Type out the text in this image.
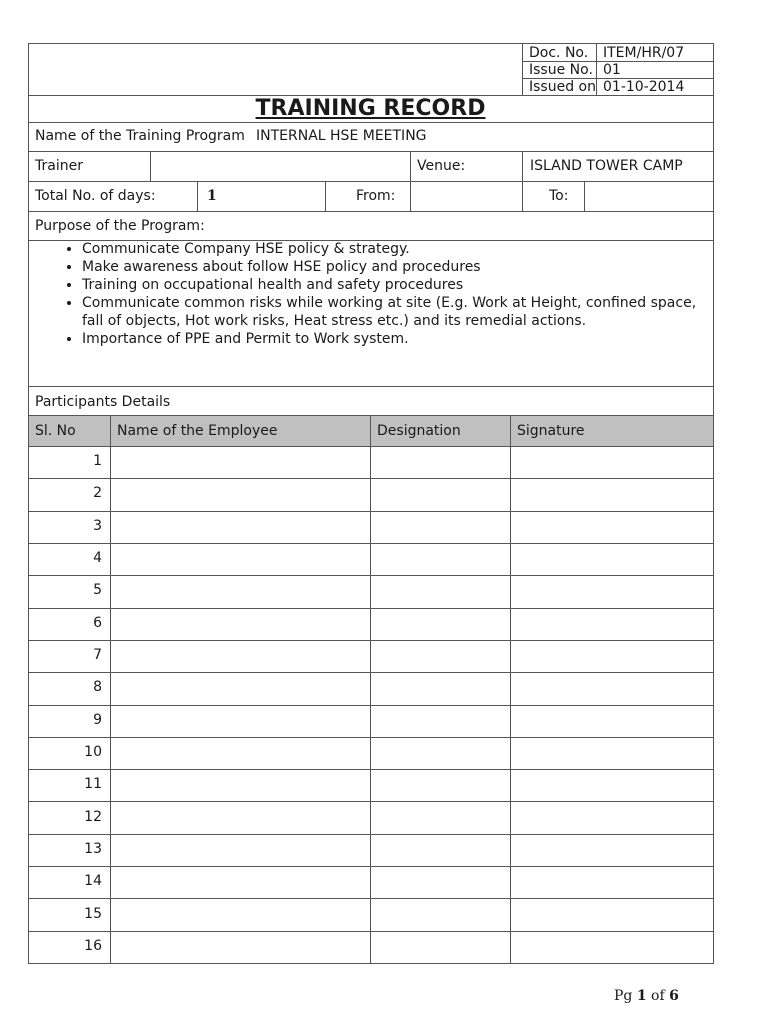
Doc. No. ITEM/HR/07
Issue No. 01
Issued on 01-10-2014
TRAINING RECORD
Name of the Training Program INTERNAL HSE MEETING
Trainer	Venue:	ISLAND TOWER CAMP
Total No. of days:	1	From:	To:
Purpose of the Program:
• Communicate Company HSE policy & strategy.
• Make awareness about follow HSE policy and procedures
• Training on occupational health and safety procedures
• Communicate common risks while working at site (E.g. Work at Height, confined space, fall of objects, Hot work risks, Heat stress etc.) and its remedial actions.
• Importance of PPE and Permit to Work system.
Participants Details
Sl. No	Name of the Employee	Designation	Signature
1
2
3
4
5
6
7
8
9
10
11
12
13
14
15
16
Pg 1 of 6
